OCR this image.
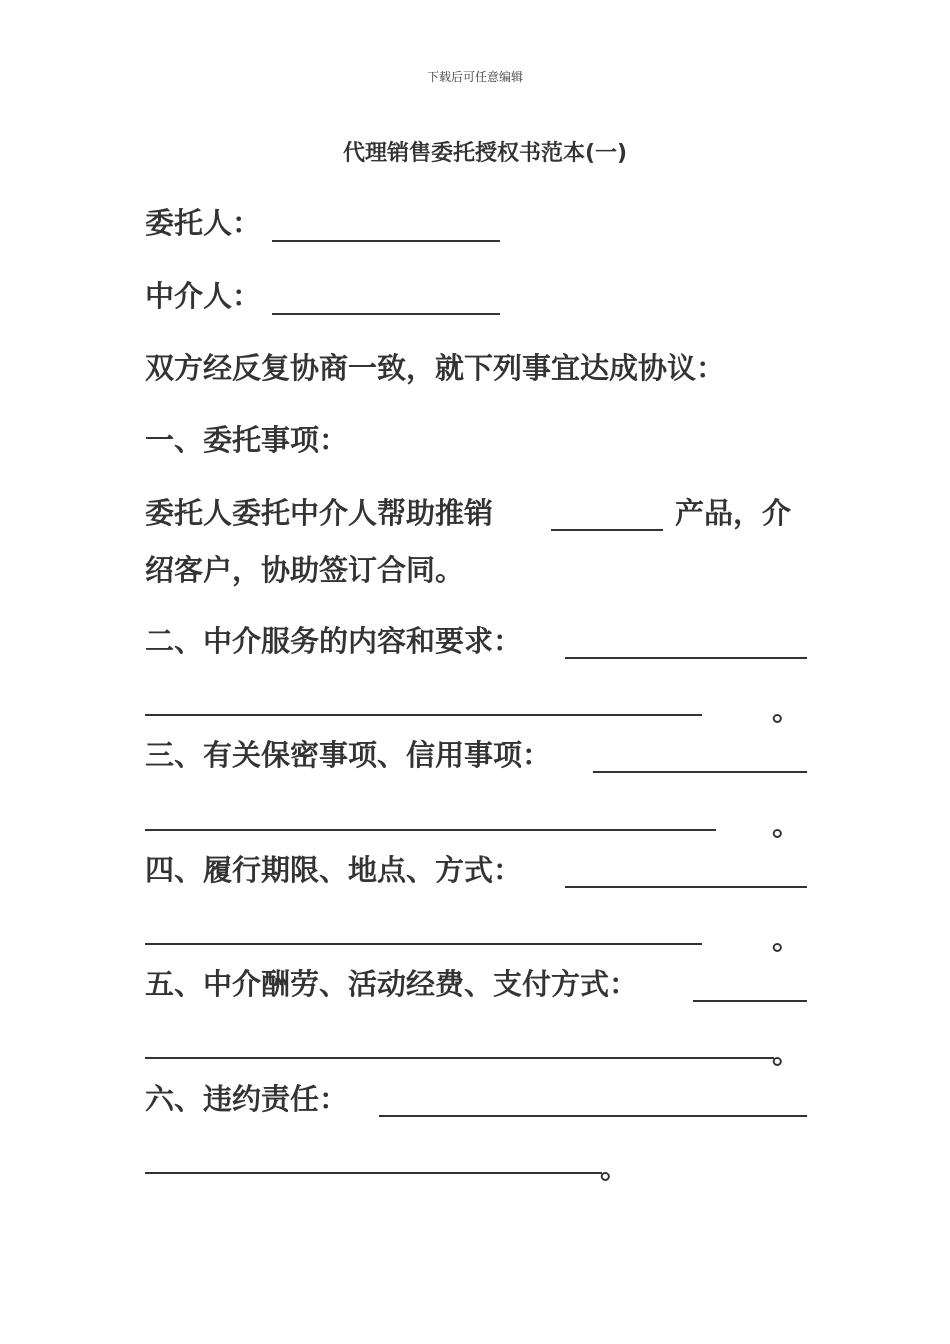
下载后可任意编辑
代理销售委托授权书范本(一)
委托人：
中介人：
双方经反复协商一致，就下列事宜达成协议：
一、委托事项：
委托人委托中介人帮助推销	产品，介
绍客户，协助签订合同。
二、中介服务的内容和要求：
。
三、有关保密事项、信用事项：
。
四、履行期限、地点、方式：
。
五、中介酬劳、活动经费、支付方式：
。
六、违约责任：
。
